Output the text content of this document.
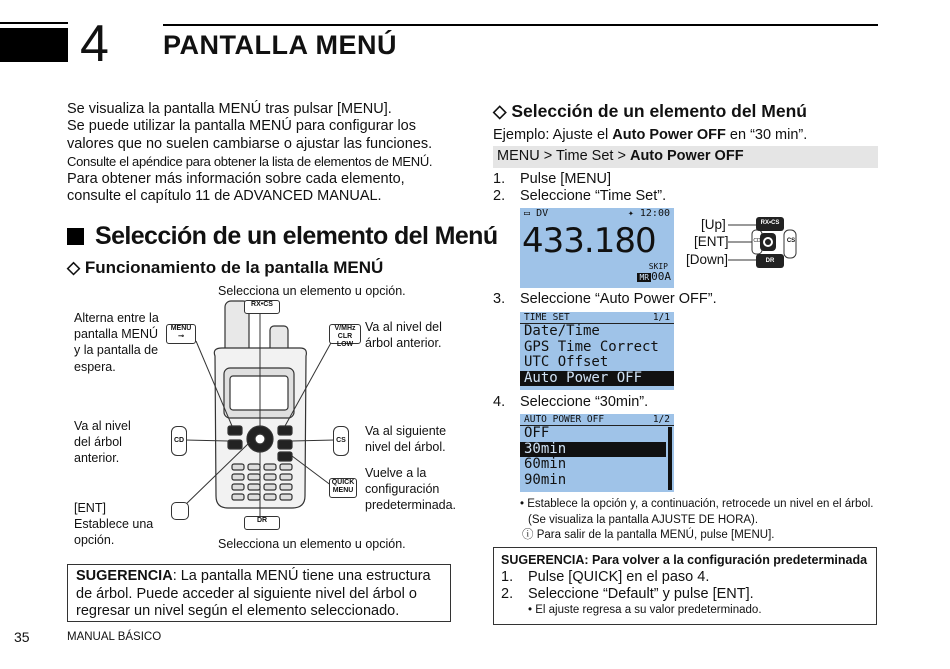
4 PANTALLA MENÚ
Se visualiza la pantalla MENÚ tras pulsar [MENU].
Se puede utilizar la pantalla MENÚ para configurar los
valores que no suelen cambiarse o ajustar las funciones.
Consulte el apéndice para obtener la lista de elementos de MENÚ.
Para obtener más información sobre cada elemento,
consulte el capítulo 11 de ADVANCED MANUAL.
Selección de un elemento del Menú
◇ Funcionamiento de la pantalla MENÚ
Selecciona un elemento u opción.
Alterna entre la
pantalla MENÚ
y la pantalla de
espera.
Va al nivel del
árbol anterior.
Va al nivel
del árbol
anterior.
Va al siguiente
nivel del árbol.
Vuelve a la
configuración
predeterminada.
[ENT]
Establece una
opción.	Selecciona un elemento u opción.
RX•CS
MENU
⊸
V/MHz
CLR LOW
CD	CS
QUICK
MENU
DR
SUGERENCIA: La pantalla MENÚ tiene una estructura
de árbol. Puede acceder al siguiente nivel del árbol o
regresar un nivel según el elemento seleccionado.
◇ Selección de un elemento del Menú
Ejemplo: Ajuste el Auto Power OFF en “30 min”.
MENU > Time Set > Auto Power OFF
1. Pulse [MENU]
2. Seleccione “Time Set”.
▭ DV	✦ 12:00
433.180
SKIP
MR 00A
[Up]
[ENT]
[Down]
RX•CS
DR
CS
CD
3. Seleccione “Auto Power OFF”.
TIME SET	1/1
Date/Time
GPS Time Correct
UTC Offset
Auto Power OFF
4. Seleccione “30min”.
AUTO POWER OFF	1/2
OFF
30min
60min
90min
• Establece la opción y, a continuación, retrocede un nivel en el árbol.
(Se visualiza la pantalla AJUSTE DE HORA).
ⓘ Para salir de la pantalla MENÚ, pulse [MENU].
SUGERENCIA: Para volver a la configuración predeterminada
1. Pulse [QUICK] en el paso 4.
2. Seleccione “Default” y pulse [ENT].
• El ajuste regresa a su valor predeterminado.
35	MANUAL BÁSICO
